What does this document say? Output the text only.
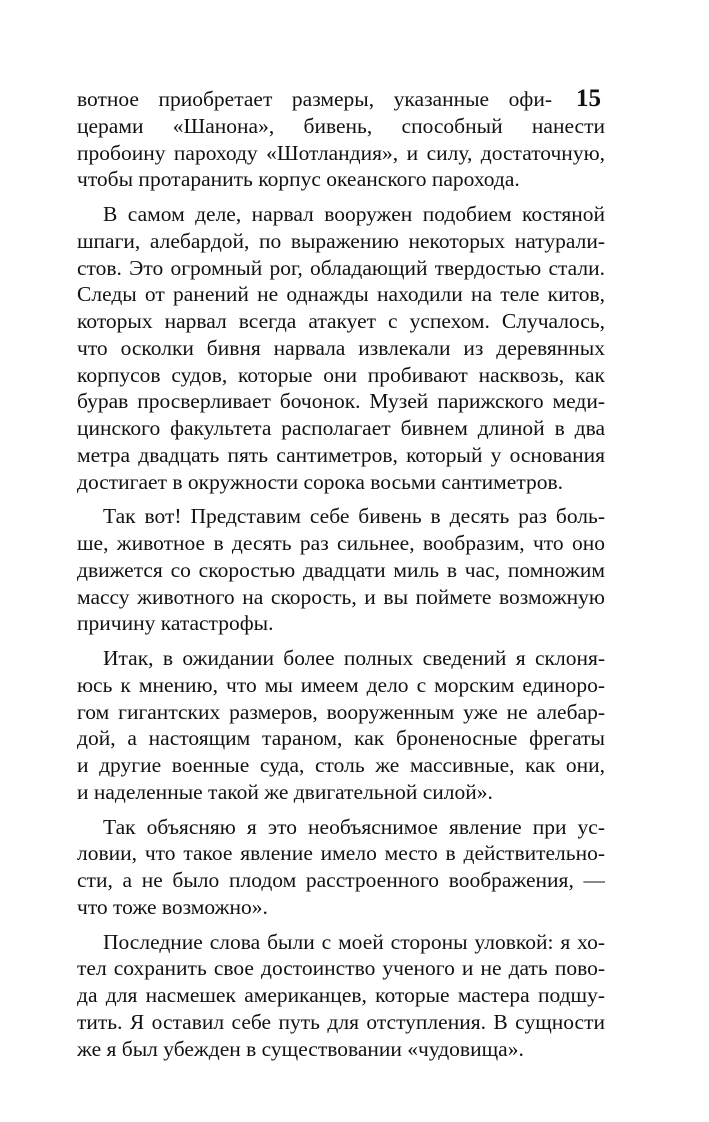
15

вотное приобретает размеры, указанные офи-
церами «Шанона», бивень, способный нанести
пробоину пароходу «Шотландия», и силу, достаточную,
чтобы протаранить корпус океанского парохода.

В самом деле, нарвал вооружен подобием костяной
шпаги, алебардой, по выражению некоторых натурали-
стов. Это огромный рог, обладающий твердостью стали.
Следы от ранений не однажды находили на теле китов,
которых нарвал всегда атакует с успехом. Случалось,
что осколки бивня нарвала извлекали из деревянных
корпусов судов, которые они пробивают насквозь, как
бурав просверливает бочонок. Музей парижского меди-
цинского факультета располагает бивнем длиной в два
метра двадцать пять сантиметров, который у основания
достигает в окружности сорока восьми сантиметров.

Так вот! Представим себе бивень в десять раз боль-
ше, животное в десять раз сильнее, вообразим, что оно
движется со скоростью двадцати миль в час, помножим
массу животного на скорость, и вы поймете возможную
причину катастрофы.

Итак, в ожидании более полных сведений я склоня-
юсь к мнению, что мы имеем дело с морским единоро-
гом гигантских размеров, вооруженным уже не алебар-
дой, а настоящим тараном, как броненосные фрегаты
и другие военные суда, столь же массивные, как они,
и наделенные такой же двигательной силой».

Так объясняю я это необъяснимое явление при ус-
ловии, что такое явление имело место в действительно-
сти, а не было плодом расстроенного воображения, —
что тоже возможно».

Последние слова были с моей стороны уловкой: я хо-
тел сохранить свое достоинство ученого и не дать пово-
да для насмешек американцев, которые мастера подшу-
тить. Я оставил себе путь для отступления. В сущности
же я был убежден в существовании «чудовища».
